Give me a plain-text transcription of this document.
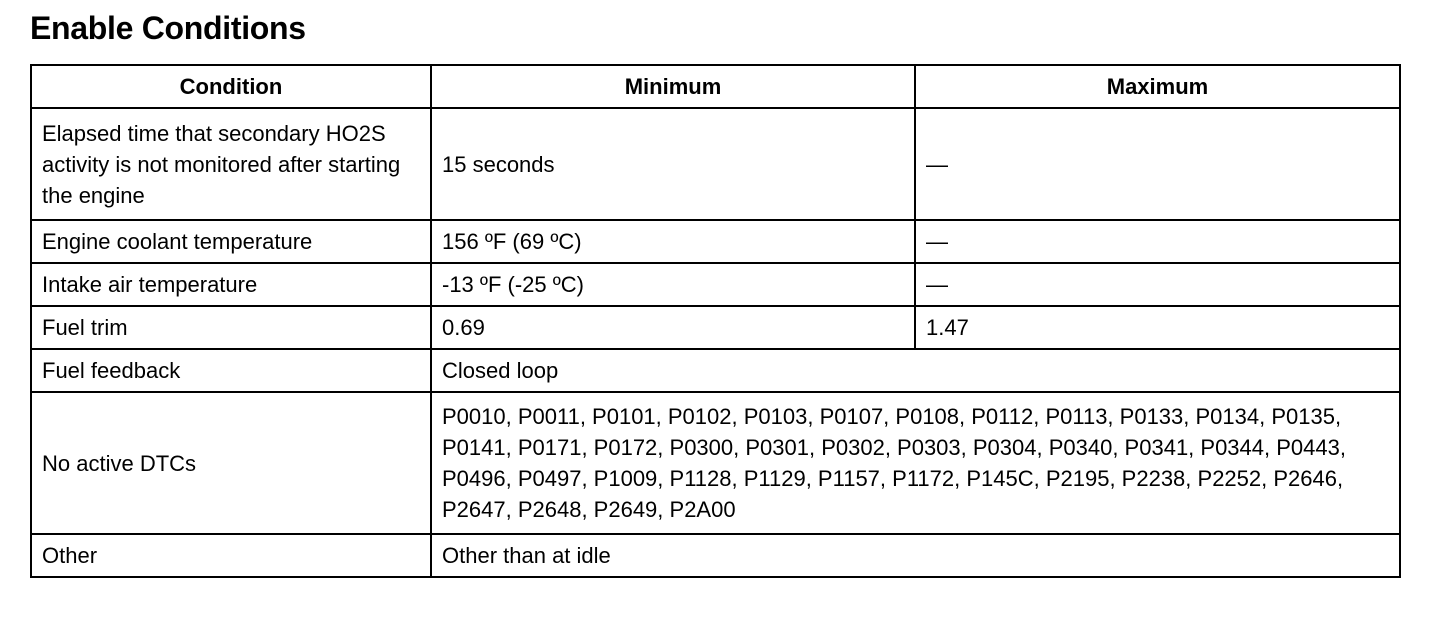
Enable Conditions
Condition	Minimum	Maximum
Elapsed time that secondary HO2S activity is not monitored after starting the engine	15 seconds	—
Engine coolant temperature	156 ºF (69 ºC)	—
Intake air temperature	-13 ºF (-25 ºC)	—
Fuel trim	0.69	1.47
Fuel feedback	Closed loop	
No active DTCs	P0010, P0011, P0101, P0102, P0103, P0107, P0108, P0112, P0113, P0133, P0134, P0135, P0141, P0171, P0172, P0300, P0301, P0302, P0303, P0304, P0340, P0341, P0344, P0443, P0496, P0497, P1009, P1128, P1129, P1157, P1172, P145C, P2195, P2238, P2252, P2646, P2647, P2648, P2649, P2A00	
Other	Other than at idle	
